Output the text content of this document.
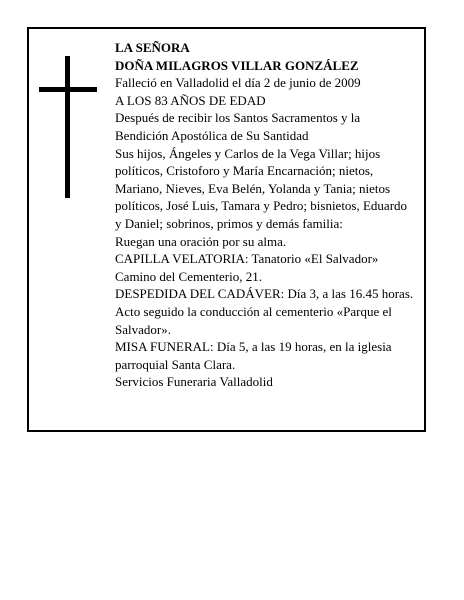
LA SEÑORA

DOÑA MILAGROS VILLAR GONZÁLEZ

Falleció en Valladolid el día 2 de junio de 2009

A LOS 83 AÑOS DE EDAD

Después de recibir los Santos Sacramentos y la Bendición Apostólica de Su Santidad

Sus hijos, Ángeles y Carlos de la Vega Villar; hijos políticos, Cristoforo y María Encarnación; nietos, Mariano, Nieves, Eva Belén, Yolanda y Tania; nietos políticos, José Luis, Tamara y Pedro; bisnietos, Eduardo y Daniel; sobrinos, primos y demás familia:

Ruegan una oración por su alma.

CAPILLA VELATORIA: Tanatorio «El Salvador» Camino del Cementerio, 21.

DESPEDIDA DEL CADÁVER: Día 3, a las 16.45 horas. Acto seguido la conducción al cementerio «Parque el Salvador».

MISA FUNERAL: Día 5, a las 19 horas, en la iglesia parroquial Santa Clara.

Servicios Funeraria Valladolid
